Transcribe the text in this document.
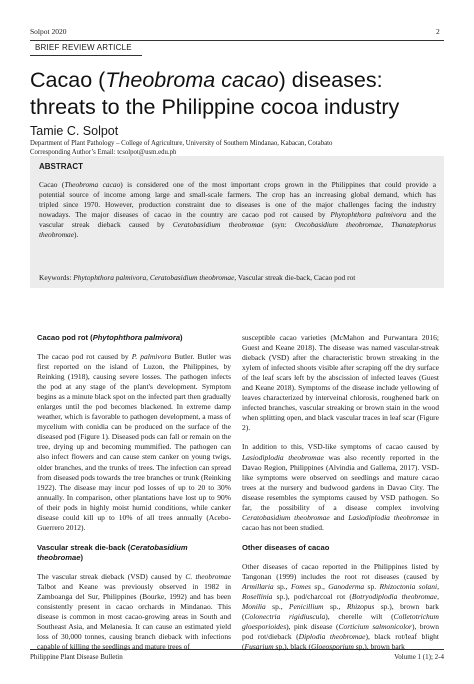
Solpot 2020	2
BRIEF REVIEW ARTICLE
Cacao (Theobroma cacao) diseases:
threats to the Philippine cocoa industry
Tamie C. Solpot
Department of Plant Pathology – College of Agriculture, University of Southern Mindanao, Kabacan, Cotabato
Corresponding Author’s Email: tcsolpot@usm.edu.ph
ABSTRACT
Cacao (Theobroma cacao) is considered one of the most important crops grown in the Philippines that could provide a
potential source of income among large and small-scale farmers. The crop has an increasing global demand, which has
tripled since 1970. However, production constraint due to diseases is one of the major challenges facing the industry
nowadays. The major diseases of cacao in the country are cacao pod rot caused by Phytophthora palmivora and the
vascular streak dieback caused by Ceratobasidium theobromae (syn: Oncobasidium theobromae, Thanatephorus
theobromae).
Keywords: Phytophthora palmivora, Ceratobasidium theobromae, Vascular streak die-back, Cacao pod rot
Cacao pod rot (Phytophthora palmivora)

The cacao pod rot caused by P. palmivora Butler. Butler was first reported on the island of Luzon, the Philippines, by Reinking (1918), causing severe losses. The pathogen infects the pod at any stage of the plant's development. Symptom begins as a minute black spot on the infected part then gradually enlarges until the pod becomes blackened. In extreme damp weather, which is favorable to pathogen development, a mass of mycelium with conidia can be produced on the surface of the diseased pod (Figure 1). Diseased pods can fall or remain on the tree, drying up and becoming mummified. The pathogen can also infect flowers and can cause stem canker on young twigs, older branches, and the trunks of trees. The infection can spread from diseased pods towards the tree branches or trunk (Reinking 1922). The disease may incur pod losses of up to 20 to 30% annually. In comparison, other plantations have lost up to 90% of their pods in highly moist humid conditions, while canker disease could kill up to 10% of all trees annually (Acebo-Guerrero 2012).

Vascular streak die-back (Ceratobasidium theobromae)

The vascular streak dieback (VSD) caused by C. theobromae Talbot and Keane was previously observed in 1982 in Zamboanga del Sur, Philippines (Bourke, 1992) and has been consistently present in cacao orchards in Mindanao. This disease is common in most cacao-growing areas in South and Southeast Asia, and Melanesia. It can cause an estimated yield loss of 30,000 tonnes, causing branch dieback with infections capable of killing the seedlings and mature trees of

susceptible cacao varieties (McMahon and Purwantara 2016; Guest and Keane 2018). The disease was named vascular-streak dieback (VSD) after the characteristic brown streaking in the xylem of infected shoots visible after scraping off the dry surface of the leaf scars left by the abscission of infected leaves (Guest and Keane 2018). Symptoms of the disease include yellowing of leaves characterized by interveinal chlorosis, roughened bark on infected branches, vascular streaking or brown stain in the wood when splitting open, and black vascular traces in leaf scar (Figure 2).

In addition to this, VSD-like symptoms of cacao caused by Lasiodiplodia theobromae was also recently reported in the Davao Region, Philippines (Alvindia and Gallema, 2017). VSD-like symptoms were observed on seedlings and mature cacao trees at the nursery and budwood gardens in Davao City. The disease resembles the symptoms caused by VSD pathogen. So far, the possibility of a disease complex involving Ceratobasidium theobromae and Lasiodiplodia theobromae in cacao has not been studied.

Other diseases of cacao

Other diseases of cacao reported in the Philippines listed by Tangonan (1999) includes the root rot diseases (caused by Armillaria sp., Fomes sp., Ganoderma sp. Rhizoctonia solani, Rosellinia sp.), pod/charcoal rot (Botryodiplodia theobromae, Monilia sp., Penicillium sp., Rhizopus sp.), brown bark (Colonectria rigidiuscula), cherelle wilt (Colletotrichum gloesporioides), pink disease (Corticium salmonicolor), brown pod rot/dieback (Diplodia theobromae), black rot/leaf blight (Fusarium sp.), black (Gloeosporium sp.), brown bark

Philippine Plant Disease Bulletin	Volume 1 (1); 2-4
